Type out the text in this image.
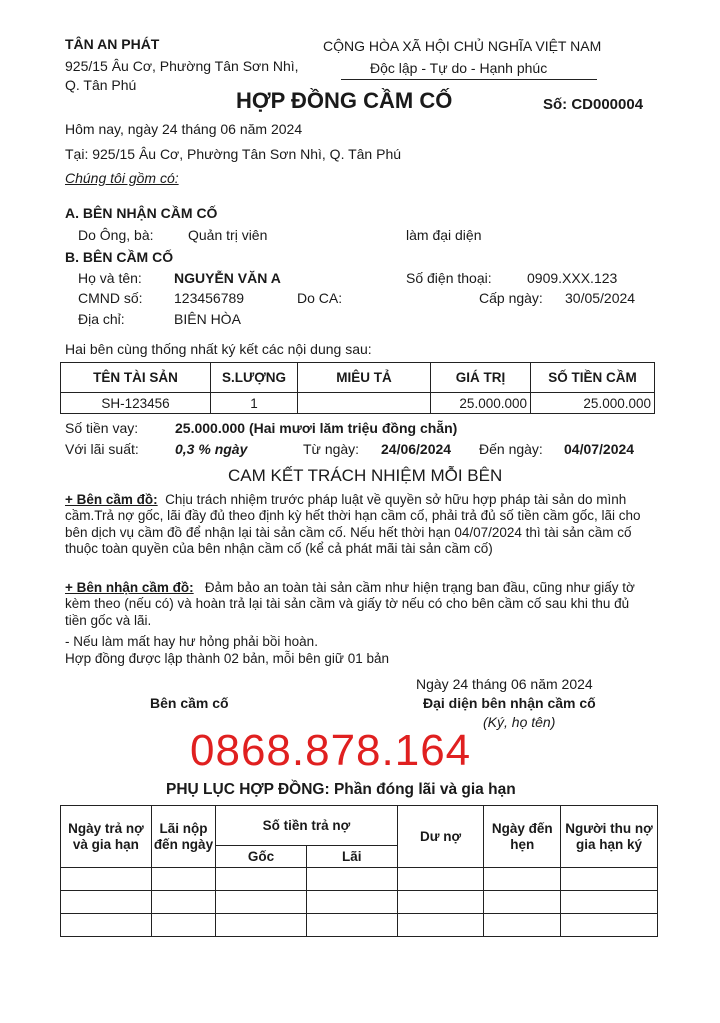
TÂN AN PHÁT
925/15 Âu Cơ, Phường Tân Sơn Nhì,
Q. Tân Phú
CỘNG HÒA XÃ HỘI CHỦ NGHĨA VIỆT NAM
Độc lập - Tự do - Hạnh phúc
HỢP ĐỒNG CẦM CỐ	Số: CD000004
Hôm nay, ngày 24 tháng 06 năm 2024
Tại: 925/15 Âu Cơ, Phường Tân Sơn Nhì, Q. Tân Phú
Chúng tôi gồm có:
A. BÊN NHẬN CẦM CỐ
Do Ông, bà: Quản trị viên	làm đại diện
B. BÊN CẦM CỐ
Họ và tên: NGUYỄN VĂN A	Số điện thoại:	0909.XXX.123
CMND số: 123456789	Do CA:	Cấp ngày: 30/05/2024
Địa chỉ:	BIÊN HÒA
Hai bên cùng thống nhất ký kết các nội dung sau:
TÊN TÀI SẢN	S.LƯỢNG	MIÊU TẢ	GIÁ TRỊ	SỐ TIỀN CẦM
SH-123456	1		25.000.000	25.000.000
Số tiền vay:	25.000.000 (Hai mươi lăm triệu đồng chẵn)
Với lãi suất:	0,3 % ngày	Từ ngày: 24/06/2024 Đến ngày: 04/07/2024
CAM KẾT TRÁCH NHIỆM MỖI BÊN
+ Bên cầm đồ: Chịu trách nhiệm trước pháp luật về quyền sở hữu hợp pháp tài sản do mình cầm.Trả nợ gốc, lãi đầy đủ theo định kỳ hết thời hạn cầm cố, phải trả đủ số tiền cầm gốc, lãi cho bên dịch vụ cầm đồ để nhận lại tài sản cầm cố. Nếu hết thời hạn 04/07/2024 thì tài sản cầm cố thuộc toàn quyền của bên nhận cầm cố (kể cả phát mãi tài sản cầm cố)
+ Bên nhận cầm đồ: Đảm bảo an toàn tài sản cầm như hiện trạng ban đầu, cũng như giấy tờ kèm theo (nếu có) và hoàn trả lại tài sản cầm và giấy tờ nếu có cho bên cầm cố sau khi thu đủ tiền gốc và lãi.
- Nếu làm mất hay hư hỏng phải bồi hoàn.
Hợp đồng được lập thành 02 bản, mỗi bên giữ 01 bản
Ngày 24 tháng 06 năm 2024
Bên cầm cố	Đại diện bên nhận cầm cố
(Ký, họ tên)
0868.878.164
PHỤ LỤC HỢP ĐỒNG: Phần đóng lãi và gia hạn
Ngày trả nợ và gia hạn	Lãi nộp đến ngày	Số tiền trả nợ		Dư nợ	Ngày đến hẹn	Người thu nợ gia hạn ký
		Gốc	Lãi			
